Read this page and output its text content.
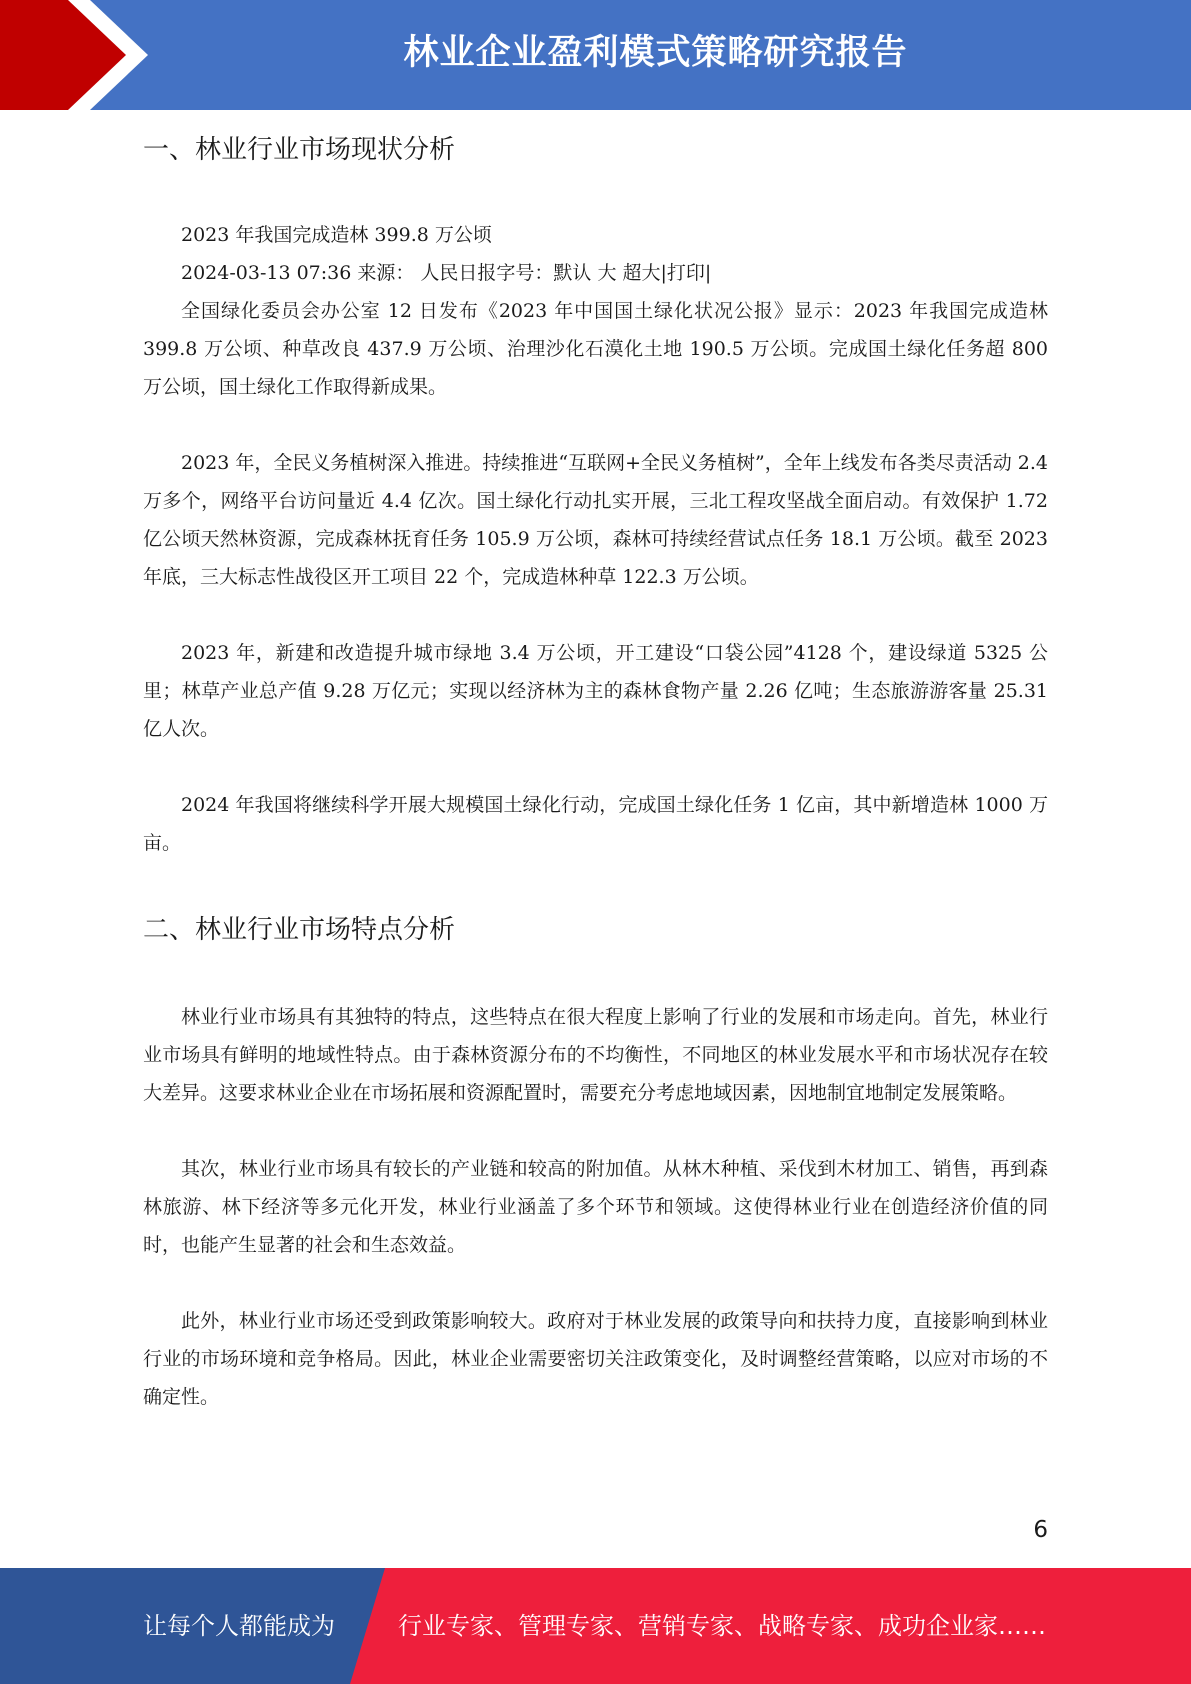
林业企业盈利模式策略研究报告
一、林业行业市场现状分析

2023 年我国完成造林 399.8 万公顷

2024-03-13 07:36 来源： 人民日报字号：默认 大 超大|打印|

全国绿化委员会办公室 12 日发布《2023 年中国国土绿化状况公报》显示：2023 年我国完成造林 399.8 万公顷、种草改良 437.9 万公顷、治理沙化石漠化土地 190.5 万公顷。完成国土绿化任务超 800 万公顷，国土绿化工作取得新成果。

2023 年，全民义务植树深入推进。持续推进“互联网+全民义务植树”，全年上线发布各类尽责活动 2.4 万多个，网络平台访问量近 4.4 亿次。国土绿化行动扎实开展，三北工程攻坚战全面启动。有效保护 1.72 亿公顷天然林资源，完成森林抚育任务 105.9 万公顷，森林可持续经营试点任务 18.1 万公顷。截至 2023 年底，三大标志性战役区开工项目 22 个，完成造林种草 122.3 万公顷。

2023 年，新建和改造提升城市绿地 3.4 万公顷，开工建设“口袋公园”4128 个，建设绿道 5325 公里；林草产业总产值 9.28 万亿元；实现以经济林为主的森林食物产量 2.26 亿吨；生态旅游游客量 25.31 亿人次。

2024 年我国将继续科学开展大规模国土绿化行动，完成国土绿化任务 1 亿亩，其中新增造林 1000 万亩。

二、林业行业市场特点分析

林业行业市场具有其独特的特点，这些特点在很大程度上影响了行业的发展和市场走向。首先，林业行业市场具有鲜明的地域性特点。由于森林资源分布的不均衡性，不同地区的林业发展水平和市场状况存在较大差异。这要求林业企业在市场拓展和资源配置时，需要充分考虑地域因素，因地制宜地制定发展策略。

其次，林业行业市场具有较长的产业链和较高的附加值。从林木种植、采伐到木材加工、销售，再到森林旅游、林下经济等多元化开发，林业行业涵盖了多个环节和领域。这使得林业行业在创造经济价值的同时，也能产生显著的社会和生态效益。

此外，林业行业市场还受到政策影响较大。政府对于林业发展的政策导向和扶持力度，直接影响到林业行业的市场环境和竞争格局。因此，林业企业需要密切关注政策变化，及时调整经营策略，以应对市场的不确定性。

6
让每个人都能成为	行业专家、管理专家、营销专家、战略专家、成功企业家……
